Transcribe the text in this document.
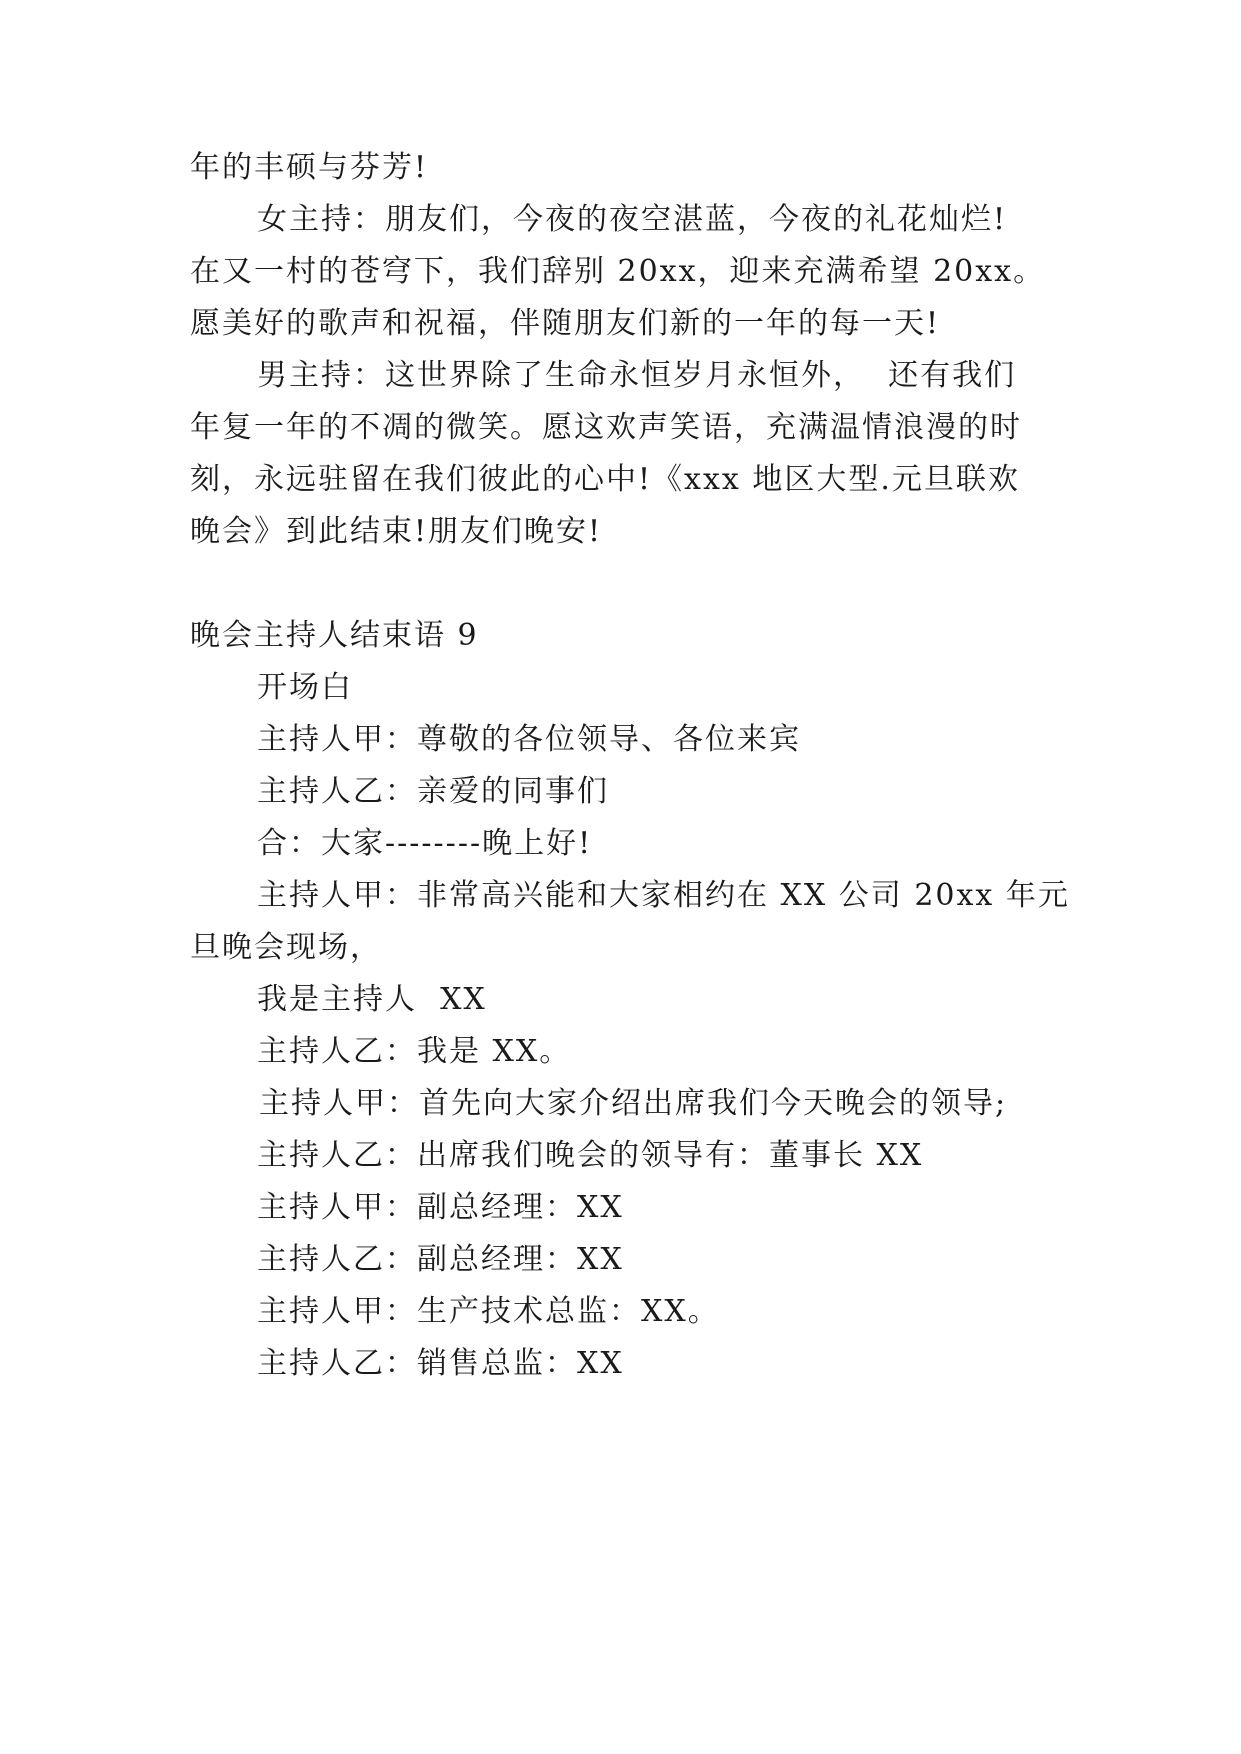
年的丰硕与芬芳!
女主持：朋友们，今夜的夜空湛蓝，今夜的礼花灿烂!
在又一村的苍穹下，我们辞别 20xx，迎来充满希望 20xx。
愿美好的歌声和祝福，伴随朋友们新的一年的每一天!
男主持：这世界除了生命永恒岁月永恒外，  还有我们
年复一年的不凋的微笑。愿这欢声笑语，充满温情浪漫的时
刻，永远驻留在我们彼此的心中!《xxx 地区大型.元旦联欢
晚会》到此结束!朋友们晚安!
晚会主持人结束语 9
开场白
主持人甲：尊敬的各位领导、各位来宾
主持人乙：亲爱的同事们
合：大家--------晚上好!
主持人甲：非常高兴能和大家相约在 XX 公司 20xx 年元
旦晚会现场，
我是主持人  XX
主持人乙：我是 XX。
主持人甲：首先向大家介绍出席我们今天晚会的领导;
主持人乙：出席我们晚会的领导有：董事长 XX
主持人甲：副总经理：XX
主持人乙：副总经理：XX
主持人甲：生产技术总监：XX。
主持人乙：销售总监：XX
